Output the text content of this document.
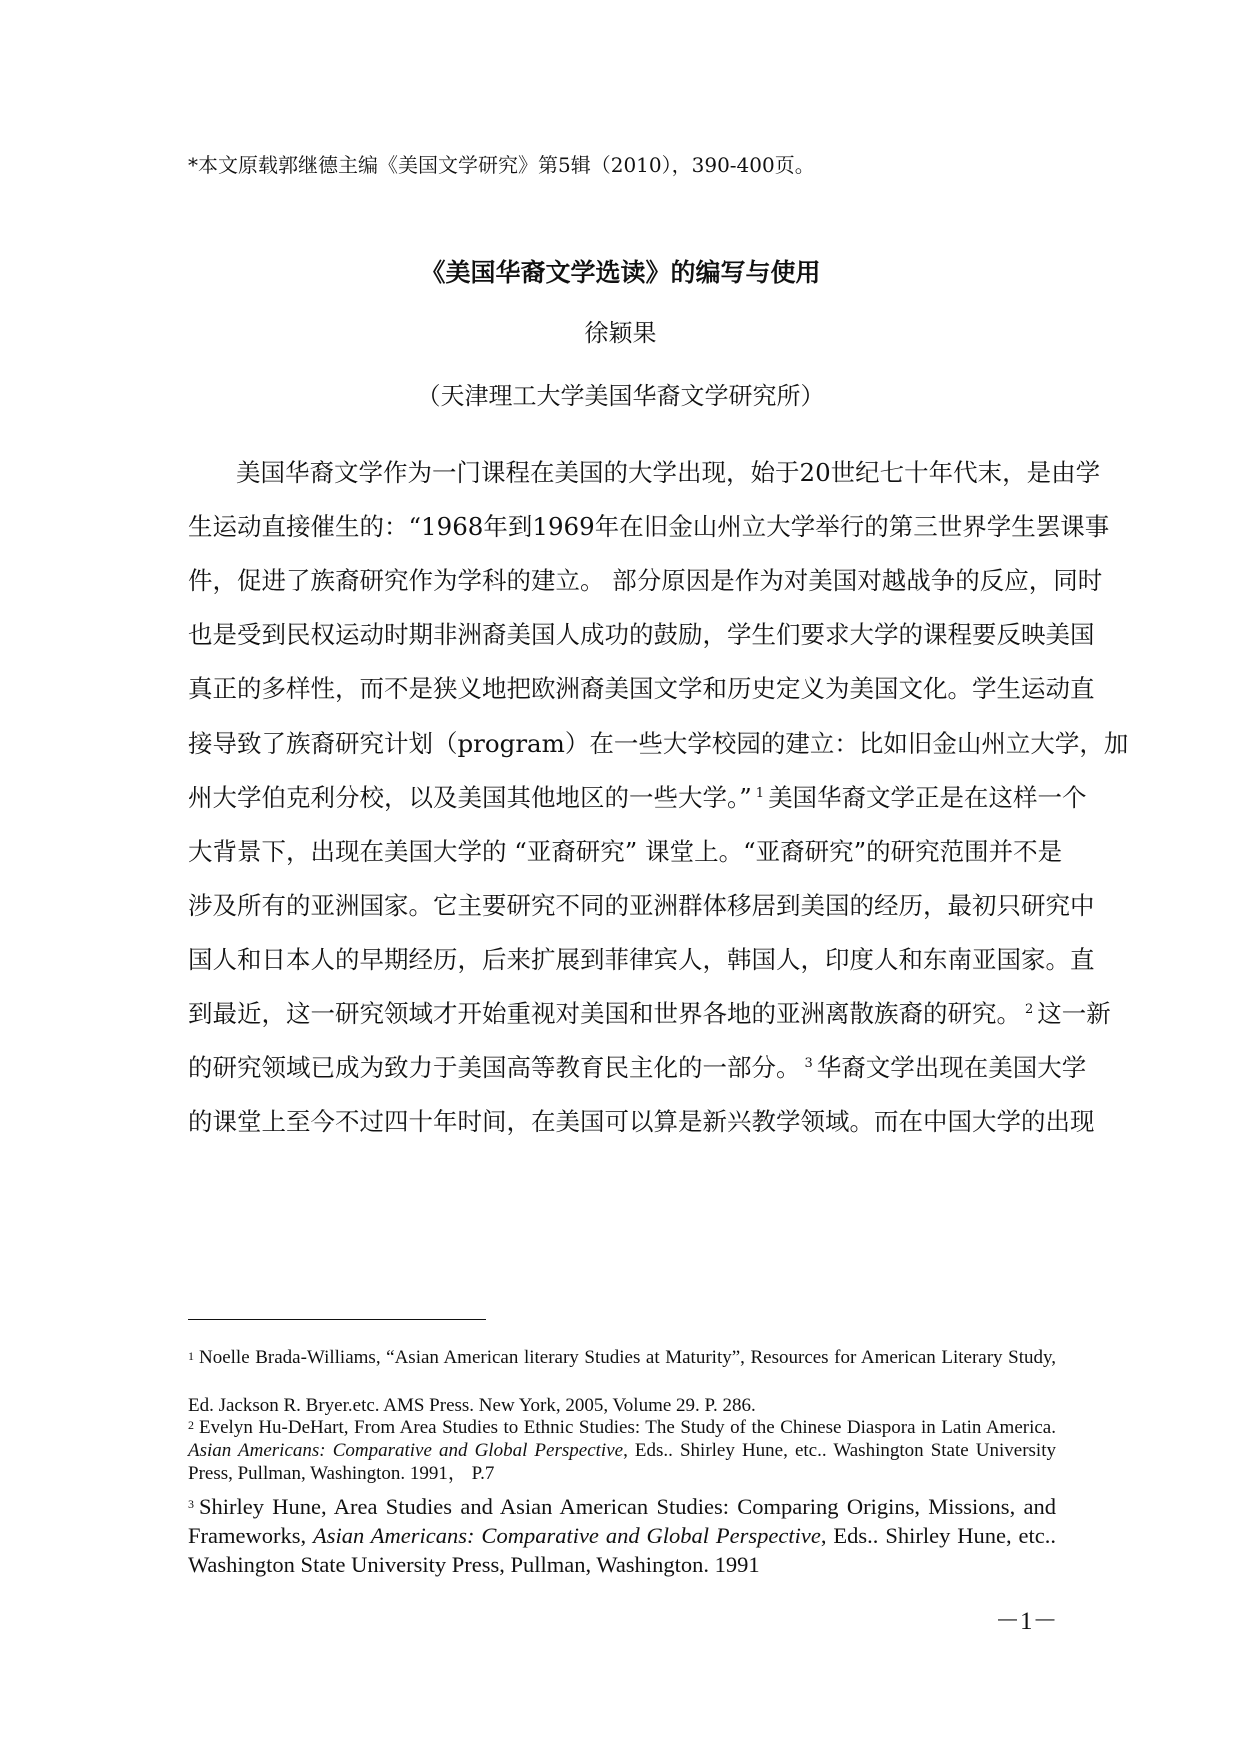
*本文原载郭继德主编《美国文学研究》第5辑（2010），390-400页。
《美国华裔文学选读》的编写与使用
徐颖果
（天津理工大学美国华裔文学研究所）
美国华裔文学作为一门课程在美国的大学出现，始于20世纪七十年代末，是由学
生运动直接催生的：“1968年到1969年在旧金山州立大学举行的第三世界学生罢课事
件，促进了族裔研究作为学科的建立。 部分原因是作为对美国对越战争的反应，同时
也是受到民权运动时期非洲裔美国人成功的鼓励，学生们要求大学的课程要反映美国
真正的多样性，而不是狭义地把欧洲裔美国文学和历史定义为美国文化。学生运动直
接导致了族裔研究计划（program）在一些大学校园的建立：比如旧金山州立大学，加
州大学伯克利分校，以及美国其他地区的一些大学。” $^1$ 美国华裔文学正是在这样一个
大背景下，出现在美国大学的 “亚裔研究” 课堂上。“亚裔研究”的研究范围并不是
涉及所有的亚洲国家。它主要研究不同的亚洲群体移居到美国的经历，最初只研究中
国人和日本人的早期经历，后来扩展到菲律宾人，韩国人，印度人和东南亚国家。直
到最近，这一研究领域才开始重视对美国和世界各地的亚洲离散族裔的研究。 $^2$ 这一新
的研究领域已成为致力于美国高等教育民主化的一部分。 $^3$ 华裔文学出现在美国大学
的课堂上至今不过四十年时间，在美国可以算是新兴教学领域。而在中国大学的出现
$^1$ Noelle Brada-Williams, “Asian American literary Studies at Maturity”, Resources for American Literary Study, Ed. Jackson R. Bryer.etc. AMS Press. New York, 2005, Volume 29. P. 286.
$^2$ Evelyn Hu-DeHart, From Area Studies to Ethnic Studies: The Study of the Chinese Diaspora in Latin America. Asian Americans: Comparative and Global Perspective, Eds.. Shirley Hune, etc.. Washington State University Press, Pullman, Washington. 1991， P.7
$^3$ Shirley Hune, Area Studies and Asian American Studies: Comparing Origins, Missions, and Frameworks, Asian Americans: Comparative and Global Perspective, Eds.. Shirley Hune, etc.. Washington State University Press, Pullman, Washington. 1991
－1－
